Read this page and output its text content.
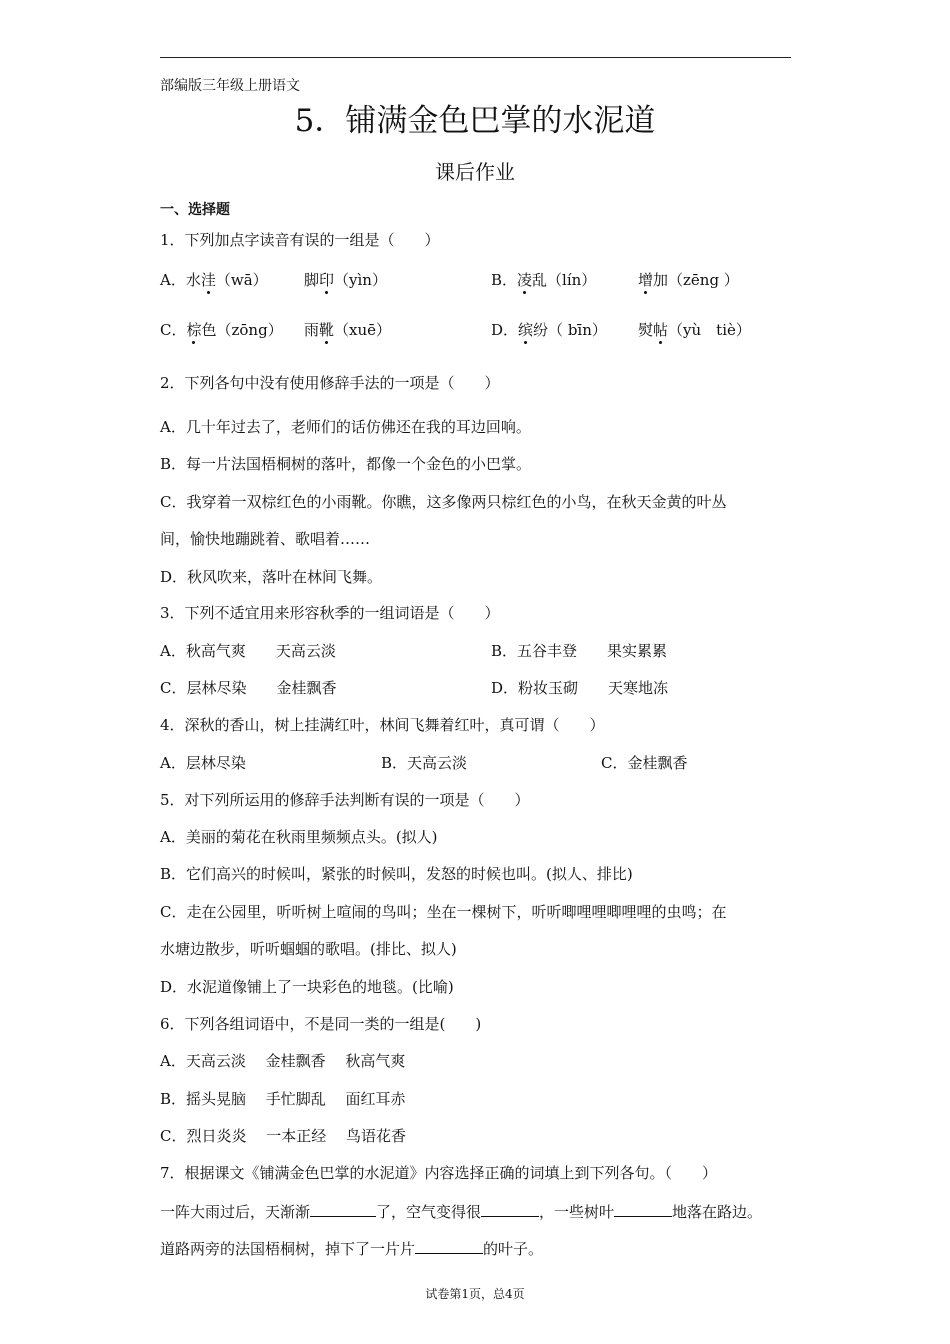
部编版三年级上册语文
5．铺满金色巴掌的水泥道
课后作业
一、选择题
1．下列加点字读音有误的一组是（　　）
A．水洼（wā） 脚印（yìn）	B．凌乱（lín）	增加（zēng ）
C．棕色（zōng） 雨靴（xuē）	D．缤纷（ bīn） 熨帖（yù　tiè）
2．下列各句中没有使用修辞手法的一项是（　　）
A．几十年过去了，老师们的话仿佛还在我的耳边回响。
B．每一片法国梧桐树的落叶，都像一个金色的小巴掌。
C．我穿着一双棕红色的小雨靴。你瞧，这多像两只棕红色的小鸟，在秋天金黄的叶丛
间，愉快地蹦跳着、歌唱着……
D．秋风吹来，落叶在林间飞舞。
3．下列不适宜用来形容秋季的一组词语是（　　）
A．秋高气爽　　天高云淡	B．五谷丰登　　果实累累
C．层林尽染　　金桂飘香	D．粉妆玉砌　　天寒地冻
4．深秋的香山，树上挂满红叶，林间飞舞着红叶，真可谓（　　）
A．层林尽染	B．天高云淡	C．金桂飘香
5．对下列所运用的修辞手法判断有误的一项是（　　）
A．美丽的菊花在秋雨里频频点头。(拟人)
B．它们高兴的时候叫，紧张的时候叫，发怒的时候也叫。(拟人、排比)
C．走在公园里，听听树上喧闹的鸟叫；坐在一棵树下，听听唧哩哩唧哩哩的虫鸣；在
水塘边散步，听听蝈蝈的歌唱。(排比、拟人)
D．水泥道像铺上了一块彩色的地毯。(比喻)
6．下列各组词语中，不是同一类的一组是(　　)
A．天高云淡　 金桂飘香　 秋高气爽
B．摇头晃脑　 手忙脚乱　 面红耳赤
C．烈日炎炎　 一本正经　 鸟语花香
7．根据课文《铺满金色巴掌的水泥道》内容选择正确的词填上到下列各句。（　　）
一阵大雨过后，天渐渐	了，空气变得很	，一些树叶	地落在路边。
道路两旁的法国梧桐树，掉下了一片片	的叶子。
试卷第1页，总4页
